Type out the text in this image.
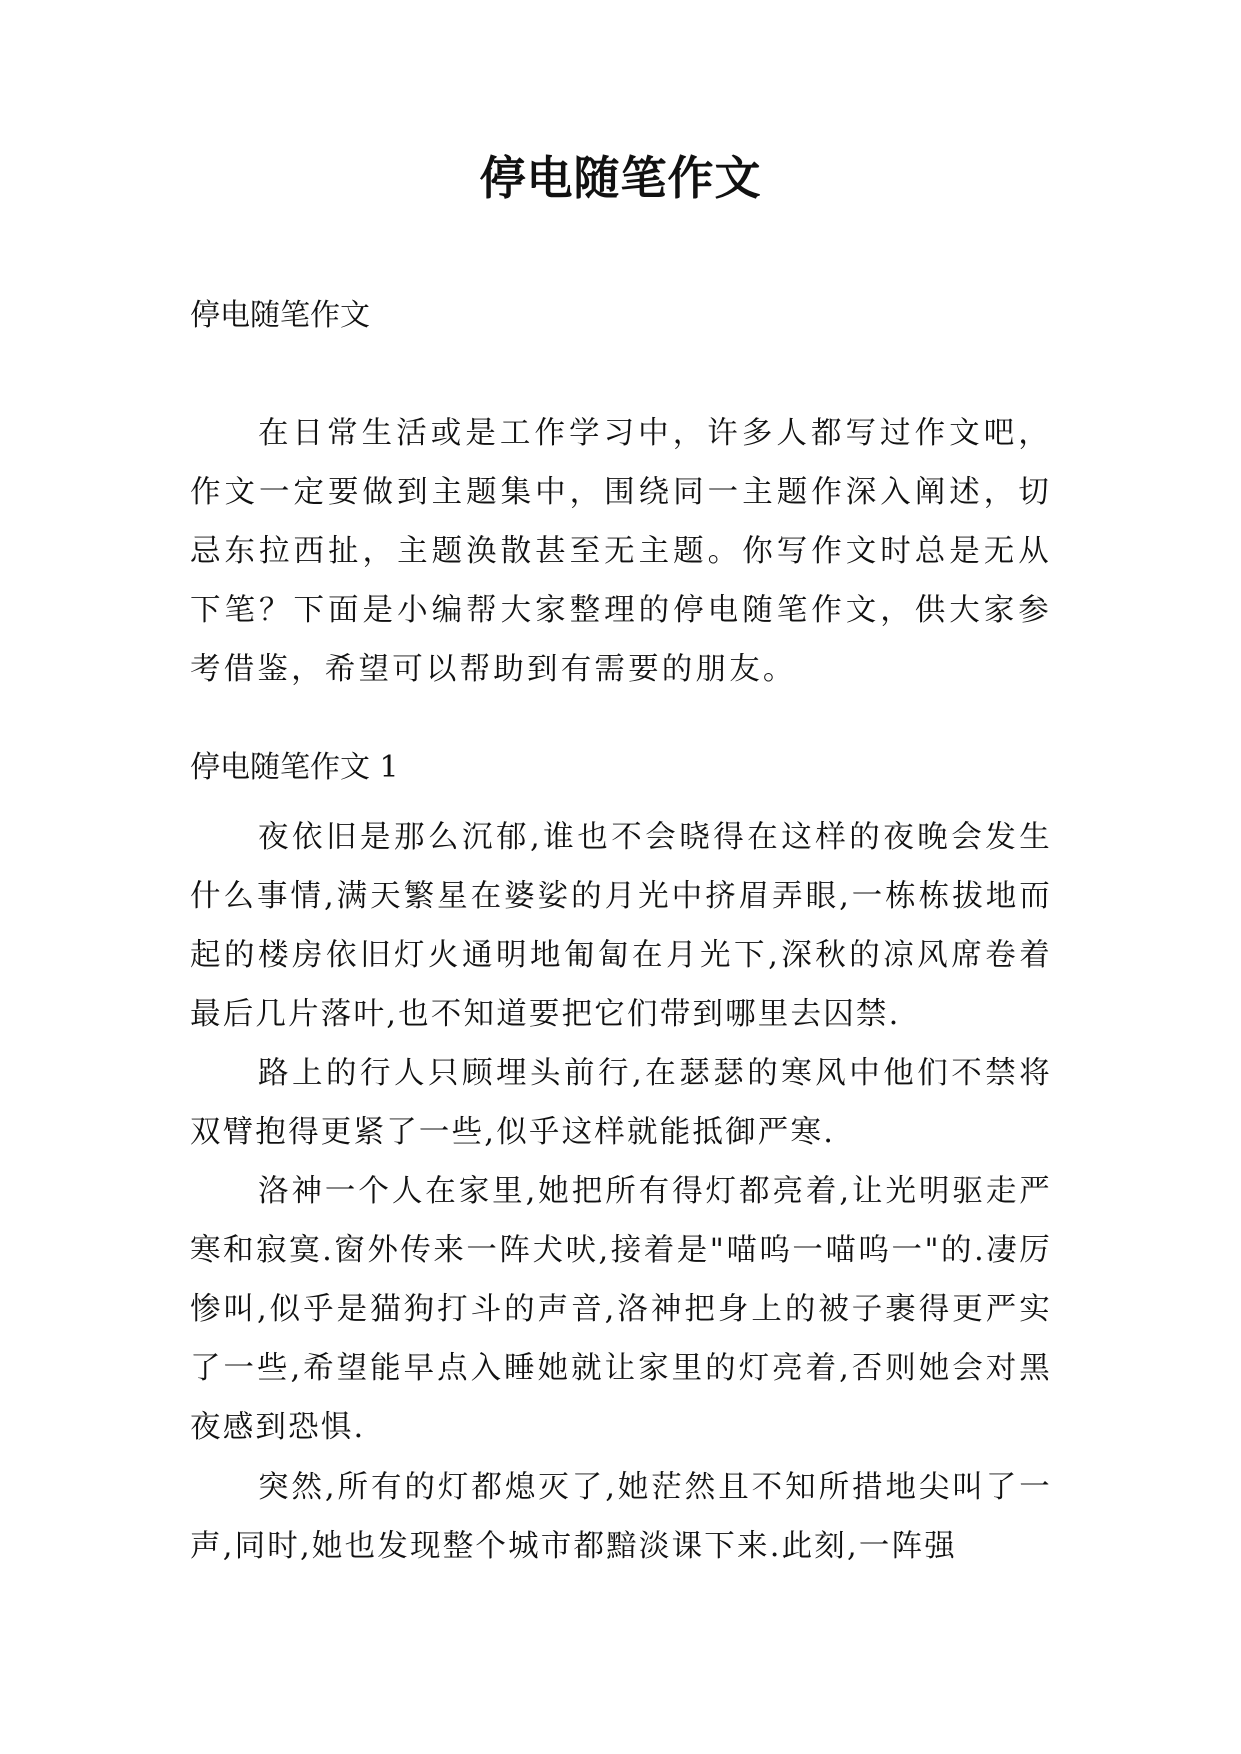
停电随笔作文

停电随笔作文

在日常生活或是工作学习中，许多人都写过作文吧，作文一定要做到主题集中，围绕同一主题作深入阐述，切忌东拉西扯，主题涣散甚至无主题。你写作文时总是无从下笔？下面是小编帮大家整理的停电随笔作文，供大家参考借鉴，希望可以帮助到有需要的朋友。

停电随笔作文 1

夜依旧是那么沉郁,谁也不会晓得在这样的夜晚会发生什么事情,满天繁星在婆娑的月光中挤眉弄眼,一栋栋拔地而起的楼房依旧灯火通明地匍匐在月光下,深秋的凉风席卷着最后几片落叶,也不知道要把它们带到哪里去囚禁.

路上的行人只顾埋头前行,在瑟瑟的寒风中他们不禁将双臂抱得更紧了一些,似乎这样就能抵御严寒.

洛神一个人在家里,她把所有得灯都亮着,让光明驱走严寒和寂寞.窗外传来一阵犬吠,接着是"喵呜一喵呜一"的.凄厉惨叫,似乎是猫狗打斗的声音,洛神把身上的被子裹得更严实了一些,希望能早点入睡她就让家里的灯亮着,否则她会对黑夜感到恐惧.

突然,所有的灯都熄灭了,她茫然且不知所措地尖叫了一声,同时,她也发现整个城市都黯淡课下来.此刻,一阵强
